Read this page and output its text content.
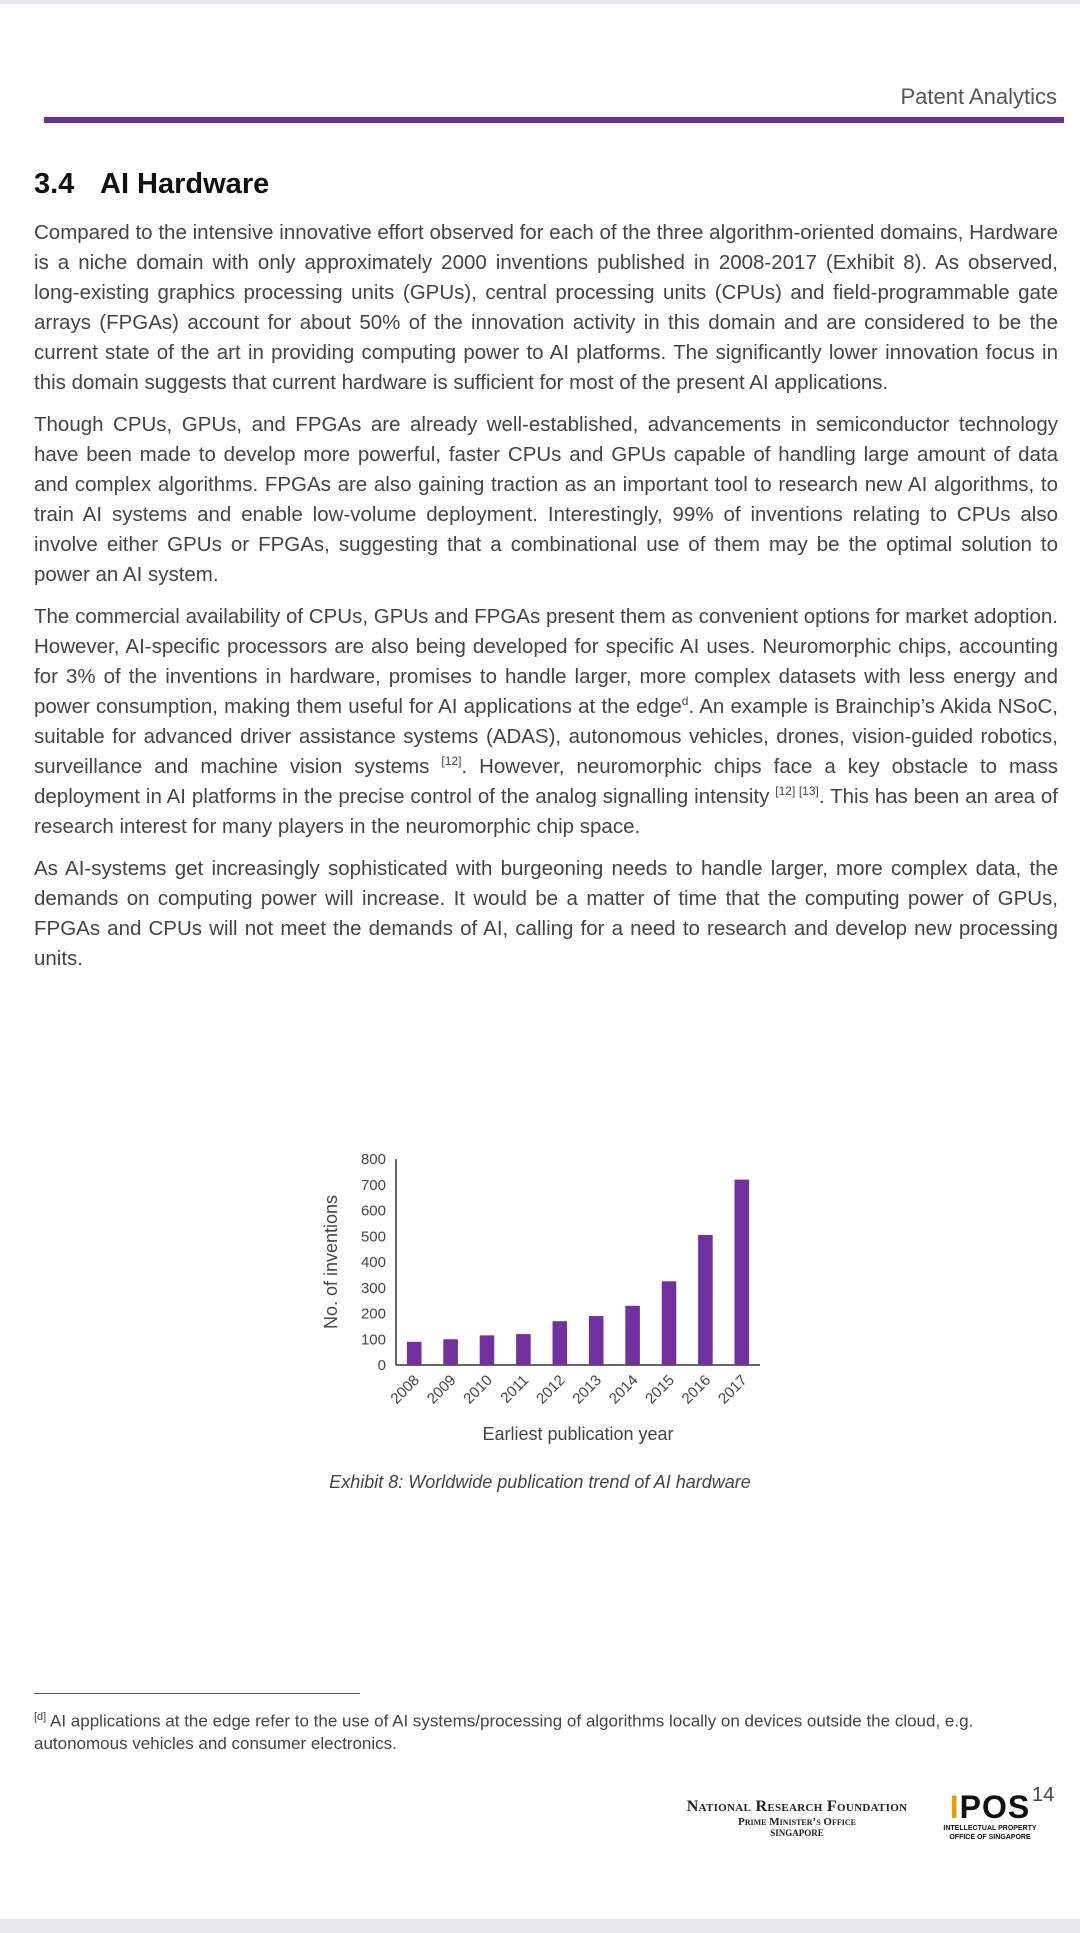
Patent Analytics
3.4 AI Hardware

Compared to the intensive innovative effort observed for each of the three algorithm-oriented domains, Hardware is a niche domain with only approximately 2000 inventions published in 2008-2017 (Exhibit 8). As observed, long-existing graphics processing units (GPUs), central processing units (CPUs) and field-programmable gate arrays (FPGAs) account for about 50% of the innovation activity in this domain and are considered to be the current state of the art in providing computing power to AI platforms. The significantly lower innovation focus in this domain suggests that current hardware is sufficient for most of the present AI applications.

Though CPUs, GPUs, and FPGAs are already well-established, advancements in semiconductor technology have been made to develop more powerful, faster CPUs and GPUs capable of handling large amount of data and complex algorithms. FPGAs are also gaining traction as an important tool to research new AI algorithms, to train AI systems and enable low-volume deployment. Interestingly, 99% of inventions relating to CPUs also involve either GPUs or FPGAs, suggesting that a combinational use of them may be the optimal solution to power an AI system.

The commercial availability of CPUs, GPUs and FPGAs present them as convenient options for market adoption. However, AI-specific processors are also being developed for specific AI uses. Neuromorphic chips, accounting for 3% of the inventions in hardware, promises to handle larger, more complex datasets with less energy and power consumption, making them useful for AI applications at the edge$^d$. An example is Brainchip’s Akida NSoC, suitable for advanced driver assistance systems (ADAS), autonomous vehicles, drones, vision-guided robotics, surveillance and machine vision systems [12]. However, neuromorphic chips face a key obstacle to mass deployment in AI platforms in the precise control of the analog signalling intensity [12] [13]. This has been an area of research interest for many players in the neuromorphic chip space.

As AI-systems get increasingly sophisticated with burgeoning needs to handle larger, more complex data, the demands on computing power will increase. It would be a matter of time that the computing power of GPUs, FPGAs and CPUs will not meet the demands of AI, calling for a need to research and develop new processing units.

0
100
200
300
400
500
600
700
800
2008 2009 2010 2011 2012 2013 2014 2015 2016 2017
Earliest publication year
No. of inventions
Exhibit 8: Worldwide publication trend of AI hardware
[d] AI applications at the edge refer to the use of AI systems/processing of algorithms locally on devices outside the cloud, e.g. autonomous vehicles and consumer electronics.
National Research Foundation
Prime Minister’s Office
SINGAPORE
IPOS
INTELLECTUAL PROPERTY
OFFICE OF SINGAPORE
14
